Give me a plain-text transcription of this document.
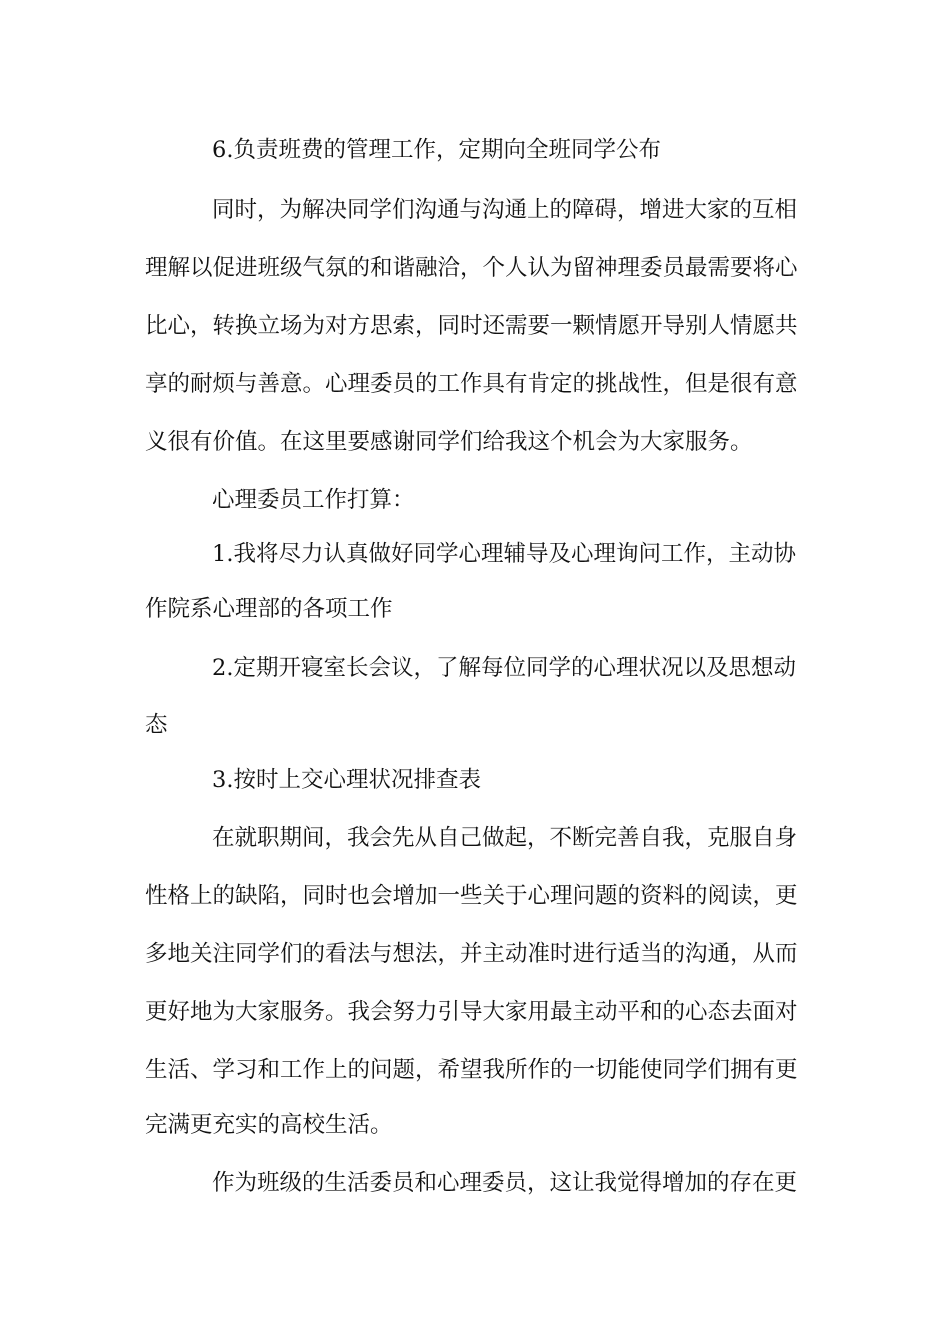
6.负责班费的管理工作，定期向全班同学公布
同时，为解决同学们沟通与沟通上的障碍，增进大家的互相
理解以促进班级气氛的和谐融洽，个人认为留神理委员最需要将心
比心，转换立场为对方思索，同时还需要一颗情愿开导别人情愿共
享的耐烦与善意。心理委员的工作具有肯定的挑战性，但是很有意
义很有价值。在这里要感谢同学们给我这个机会为大家服务。
心理委员工作打算：
1.我将尽力认真做好同学心理辅导及心理询问工作，主动协
作院系心理部的各项工作
2.定期开寝室长会议，了解每位同学的心理状况以及思想动
态
3.按时上交心理状况排查表
在就职期间，我会先从自己做起，不断完善自我，克服自身
性格上的缺陷，同时也会增加一些关于心理问题的资料的阅读，更
多地关注同学们的看法与想法，并主动准时进行适当的沟通，从而
更好地为大家服务。我会努力引导大家用最主动平和的心态去面对
生活、学习和工作上的问题，希望我所作的一切能使同学们拥有更
完满更充实的高校生活。
作为班级的生活委员和心理委员，这让我觉得增加的存在更
